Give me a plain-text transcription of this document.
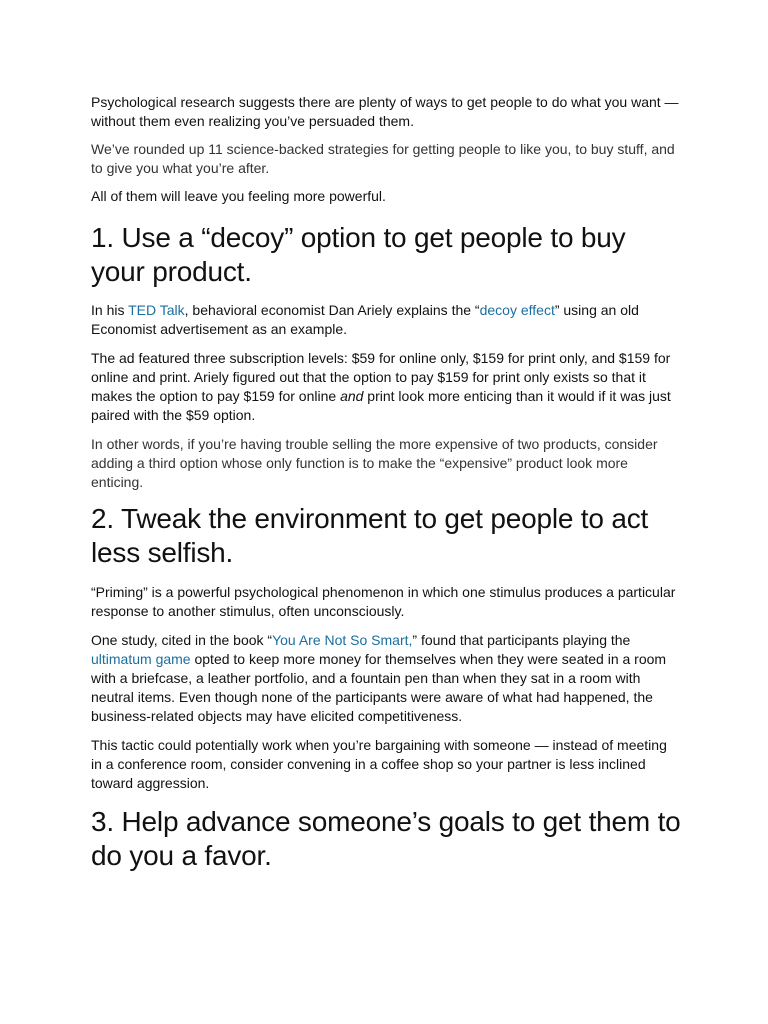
Psychological research suggests there are plenty of ways to get people to do what you want — without them even realizing you’ve persuaded them.

We’ve rounded up 11 science-backed strategies for getting people to like you, to buy stuff, and to give you what you’re after.

All of them will leave you feeling more powerful.

1. Use a “decoy” option to get people to buy your product.

In his TED Talk, behavioral economist Dan Ariely explains the “decoy effect” using an old Economist advertisement as an example.

The ad featured three subscription levels: $59 for online only, $159 for print only, and $159 for online and print. Ariely figured out that the option to pay $159 for print only exists so that it makes the option to pay $159 for online and print look more enticing than it would if it was just paired with the $59 option.

In other words, if you’re having trouble selling the more expensive of two products, consider adding a third option whose only function is to make the “expensive” product look more enticing.

2. Tweak the environment to get people to act less selfish.

“Priming” is a powerful psychological phenomenon in which one stimulus produces a particular response to another stimulus, often unconsciously.

One study, cited in the book “You Are Not So Smart,” found that participants playing the ultimatum game opted to keep more money for themselves when they were seated in a room with a briefcase, a leather portfolio, and a fountain pen than when they sat in a room with neutral items. Even though none of the participants were aware of what had happened, the business-related objects may have elicited competitiveness.

This tactic could potentially work when you’re bargaining with someone — instead of meeting in a conference room, consider convening in a coffee shop so your partner is less inclined toward aggression.

3. Help advance someone’s goals to get them to do you a favor.
